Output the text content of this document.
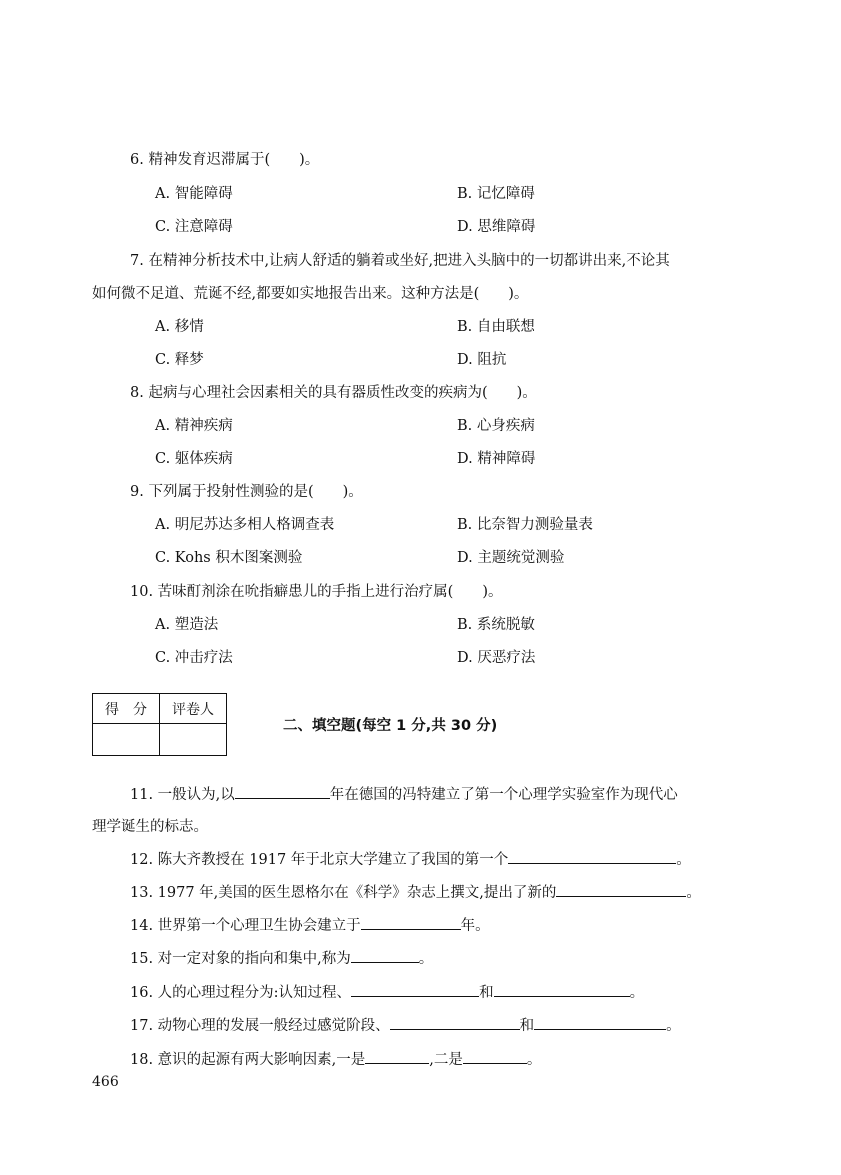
6. 精神发育迟滞属于(　　)。
A. 智能障碍	B. 记忆障碍
C. 注意障碍	D. 思维障碍
7. 在精神分析技术中,让病人舒适的躺着或坐好,把进入头脑中的一切都讲出来,不论其
如何微不足道、荒诞不经,都要如实地报告出来。这种方法是(　　)。
A. 移情	B. 自由联想
C. 释梦	D. 阻抗
8. 起病与心理社会因素相关的具有器质性改变的疾病为(　　)。
A. 精神疾病	B. 心身疾病
C. 躯体疾病	D. 精神障碍
9. 下列属于投射性测验的是(　　)。
A. 明尼苏达多相人格调查表	B. 比奈智力测验量表
C. Kohs 积木图案测验	D. 主题统觉测验
10. 苦味酊剂涂在吮指癖患儿的手指上进行治疗属(　　)。
A. 塑造法	B. 系统脱敏
C. 冲击疗法	D. 厌恶疗法
得　分	评卷人

二、填空题(每空 1 分,共 30 分)
11. 一般认为,以	年在德国的冯特建立了第一个心理学实验室作为现代心
理学诞生的标志。
12. 陈大齐教授在 1917 年于北京大学建立了我国的第一个	。
13. 1977 年,美国的医生恩格尔在《科学》杂志上撰文,提出了新的	。
14. 世界第一个心理卫生协会建立于	年。
15. 对一定对象的指向和集中,称为	。
16. 人的心理过程分为:认知过程、	和	。
17. 动物心理的发展一般经过感觉阶段、	和	。
18. 意识的起源有两大影响因素,一是	,二是	。
466
